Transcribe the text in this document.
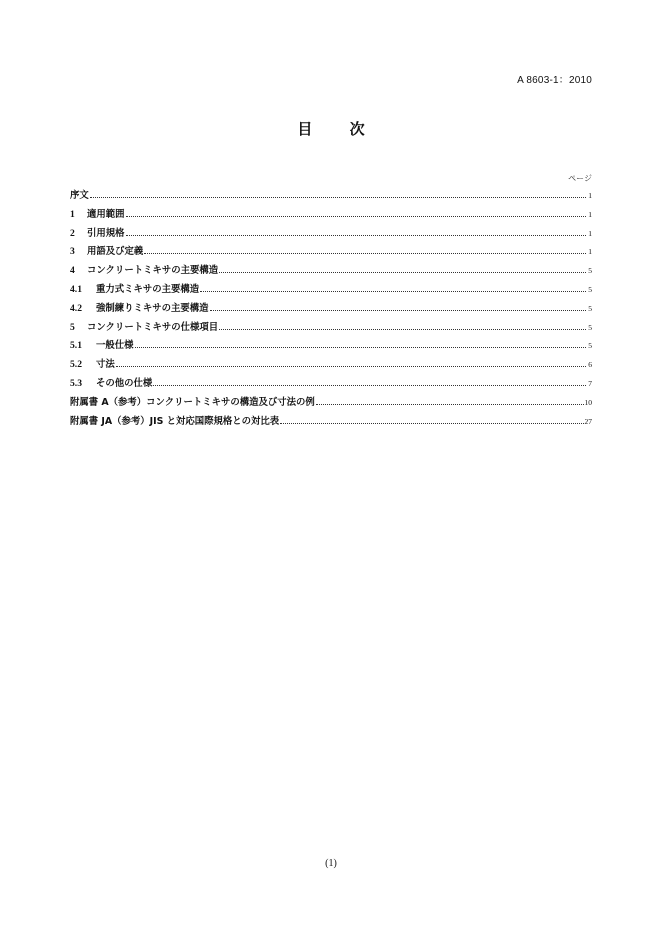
A 8603-1：2010
目 次
ページ
序文	1
1	適用範囲	1
2	引用規格	1
3	用語及び定義	1
4	コンクリートミキサの主要構造	5
4.1	重力式ミキサの主要構造	5
4.2	強制練りミキサの主要構造	5
5	コンクリートミキサの仕様項目	5
5.1	一般仕様	5
5.2	寸法	6
5.3	その他の仕様	7
附属書 A（参考）コンクリートミキサの構造及び寸法の例	10
附属書 JA（参考）JIS と対応国際規格との対比表	27
(1)
